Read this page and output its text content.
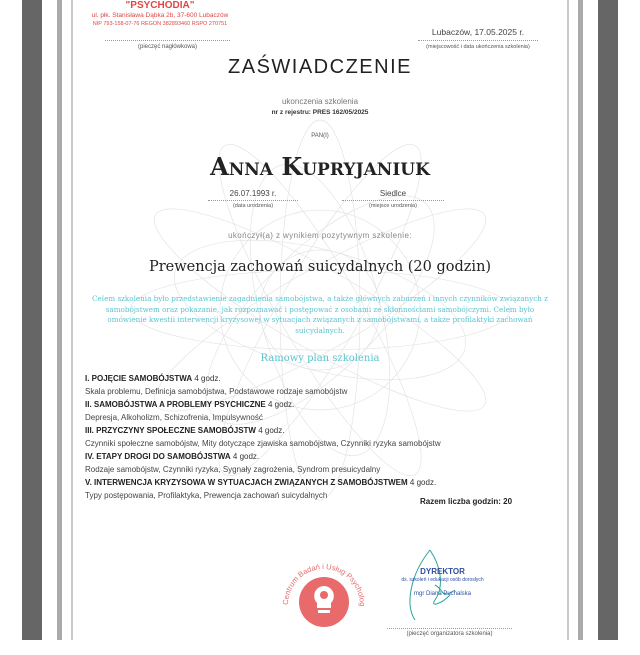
"PSYCHODIA"
ul. płk. Stanisława Dąbka 2b, 37-600 Lubaczów
NIP 793-158-07-76 REGON 382893460 RSPO 270751
(pieczęć nagłówkowa)
Lubaczów, 17.05.2025 r.
(miejscowość i data ukończenia szkolenia)
ZAŚWIADCZENIE
ukonczenia szkolenia
nr z rejestru: PRES 162/05/2025
PAN(I)
Anna Kupryjaniuk
26.07.1993 r.
(data urodzenia)
Siedlce
(miejsce urodzenia)
ukończył(a) z wynikiem pozytywnym szkolenie:
Prewencja zachowań suicydalnych (20 godzin)
Celem szkolenia było przedstawienie zagadnienia samobójstwa, a także głównych zaburzeń i innych czynników związanych z samobójstwem oraz pokazanie, jak rozpoznawać i postępować z osobami ze skłonnościami samobójczymi. Celem było omówienie kwestii interwencji kryzysowej w sytuacjach związanych z samobójstwami, a także profilaktyki zachowań suicydalnych.
Ramowy plan szkolenia
I. POJĘCIE SAMOBÓJSTWA 4 godz.
Skala problemu, Definicja samobójstwa, Podstawowe rodzaje samobójstw
II. SAMOBÓJSTWA A PROBLEMY PSYCHICZNE 4 godz.
Depresja, Alkoholizm, Schizofrenia, Impulsywność
III. PRZYCZYNY SPOŁECZNE SAMOBÓJSTW 4 godz.
Czynniki społeczne samobójstw, Mity dotyczące zjawiska samobójstwa, Czynniki ryzyka samobójstw
IV. ETAPY DROGI DO SAMOBÓJSTWA 4 godz.
Rodzaje samobójstw, Czynniki ryzyka, Sygnały zagrożenia, Syndrom presuicydalny
V. INTERWENCJA KRYZYSOWA W SYTUACJACH ZWIĄZANYCH Z SAMOBÓJSTWEM 4 godz.
Typy postępowania, Profilaktyka, Prewencja zachowań suicydalnych
Razem liczba godzin: 20
Centrum Badań i Usług Psycholog
DYREKTOR
ds. szkoleń i edukacji osób dorosłych
mgr Diana Puchalska
(pieczęć organizatora szkolenia)
